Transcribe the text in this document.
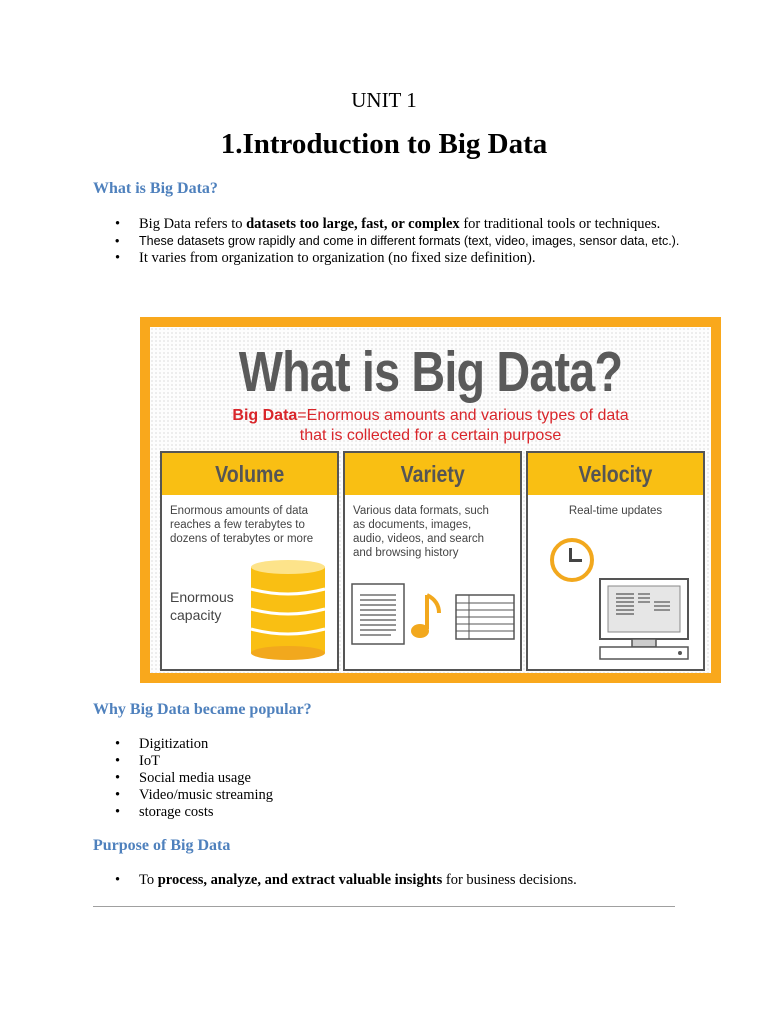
UNIT 1
1.Introduction to Big Data
What is Big Data?
• Big Data refers to datasets too large, fast, or complex for traditional tools or techniques.
• These datasets grow rapidly and come in different formats (text, video, images, sensor data, etc.).
• It varies from organization to organization (no fixed size definition).
What is Big Data?
Big Data=Enormous amounts and various types of data
that is collected for a certain purpose
Volume
Enormous amounts of data
reaches a few terabytes to
dozens of terabytes or more
Enormous
capacity
Variety
Various data formats, such
as documents, images,
audio, videos, and search
and browsing history
Velocity
Real-time updates
Why Big Data became popular?
• Digitization
• IoT
• Social media usage
• Video/music streaming
• storage costs
Purpose of Big Data
• To process, analyze, and extract valuable insights for business decisions.
